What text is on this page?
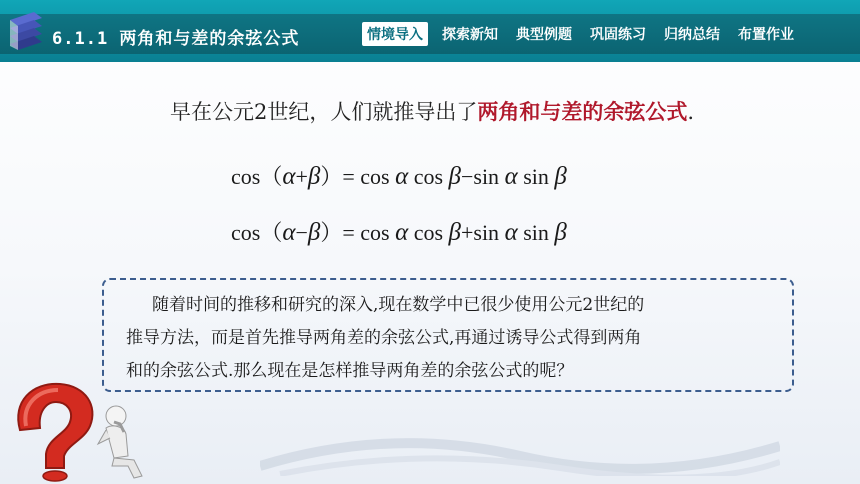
6.1.1 两角和与差的余弦公式	情境导入	探索新知 典型例题 巩固练习 归纳总结 布置作业
早在公元2世纪，人们就推导出了两角和与差的余弦公式.
cos（α+β）= cos α cos β−sin α sin β
cos（α−β）= cos α cos β+sin α sin β
随着时间的推移和研究的深入,现在数学中已很少使用公元2世纪的
推导方法，而是首先推导两角差的余弦公式,再通过诱导公式得到两角
和的余弦公式.那么现在是怎样推导两角差的余弦公式的呢？
